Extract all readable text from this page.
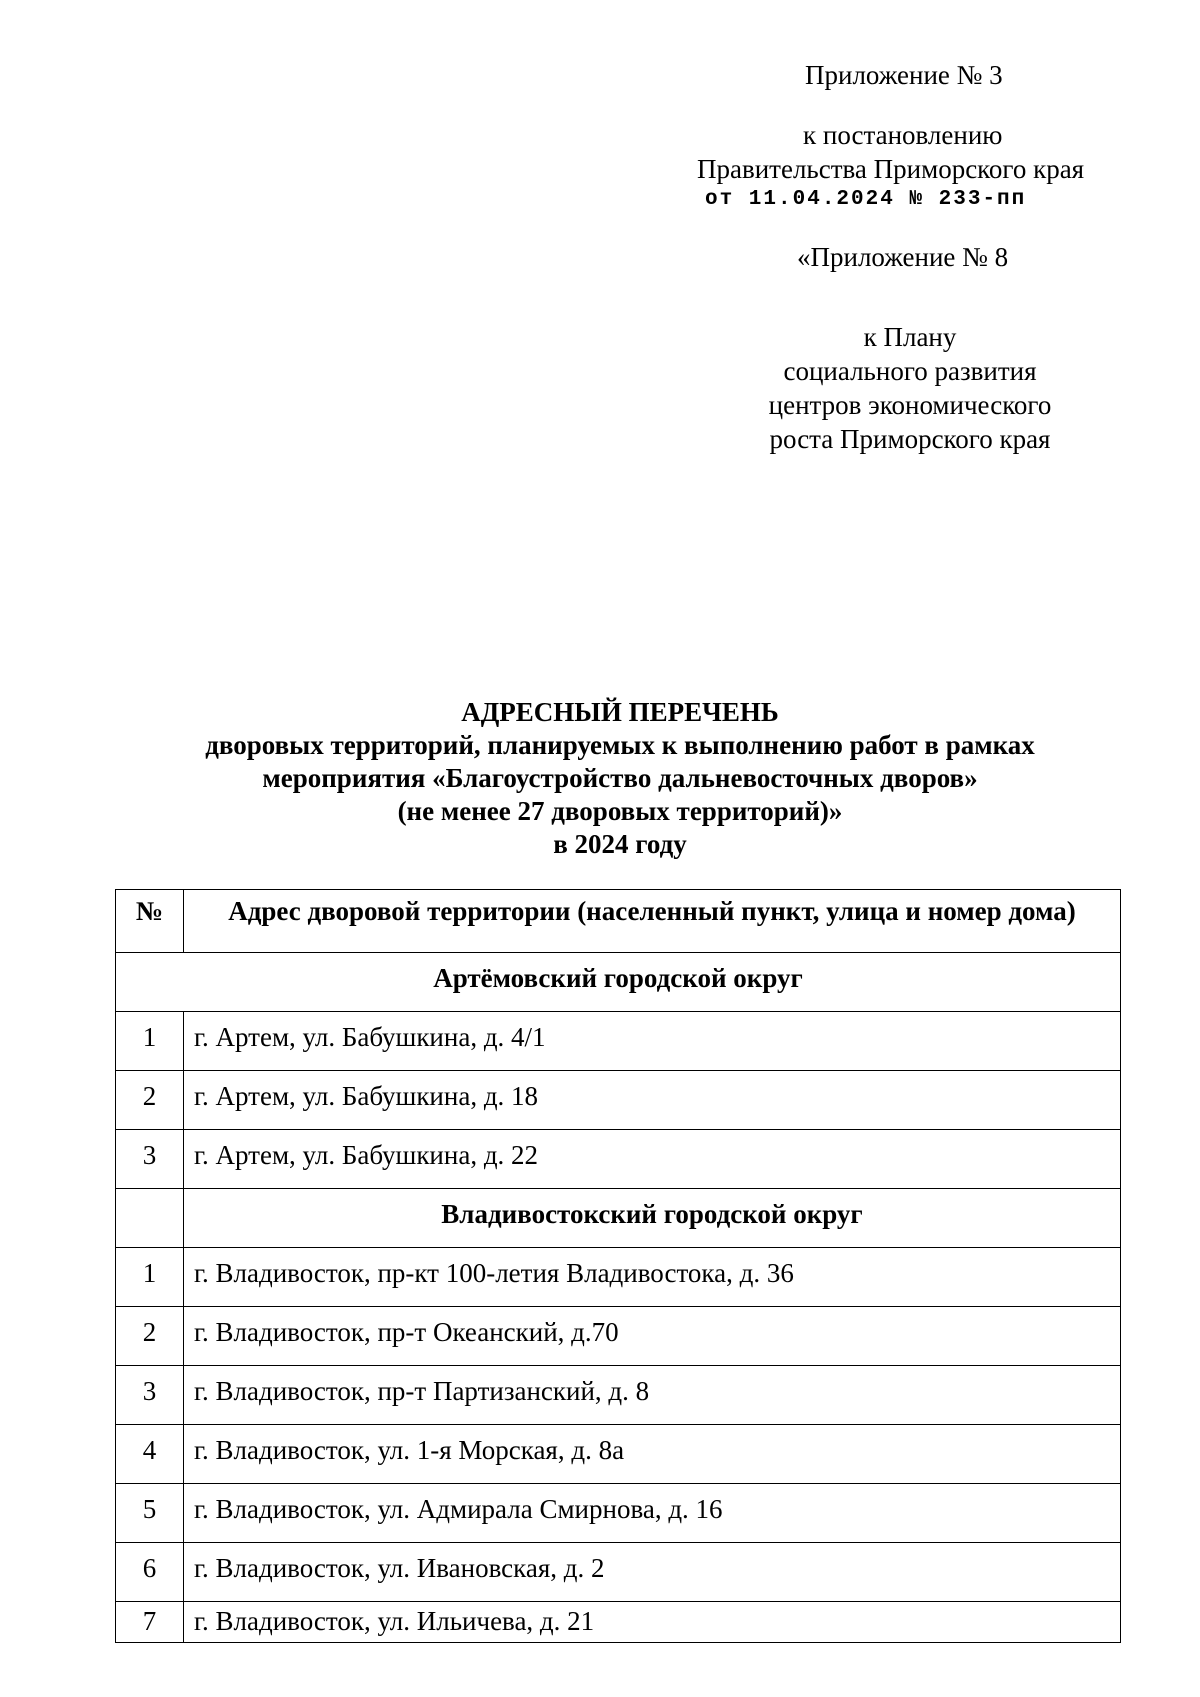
Приложение № 3
к постановлению
Правительства Приморского края
от 11.04.2024 № 233-пп
«Приложение № 8
к Плану
социального развития
центров экономического
роста Приморского края
АДРЕСНЫЙ ПЕРЕЧЕНЬ
дворовых территорий, планируемых к выполнению работ в рамках
мероприятия «Благоустройство дальневосточных дворов»
(не менее 27 дворовых территорий)»
в 2024 году
№	Адрес дворовой территории (населенный пункт, улица и номер дома)
Артёмовский городской округ	
1	г. Артем, ул. Бабушкина, д. 4/1
2	г. Артем, ул. Бабушкина, д. 18
3	г. Артем, ул. Бабушкина, д. 22
	Владивостокский городской округ
1	г. Владивосток, пр-кт 100-летия Владивостока, д. 36
2	г. Владивосток, пр-т Океанский, д.70
3	г. Владивосток, пр-т Партизанский, д. 8
4	г. Владивосток, ул. 1-я Морская, д. 8а
5	г. Владивосток, ул. Адмирала Смирнова, д. 16
6	г. Владивосток, ул. Ивановская, д. 2
7	г. Владивосток, ул. Ильичева, д. 21
